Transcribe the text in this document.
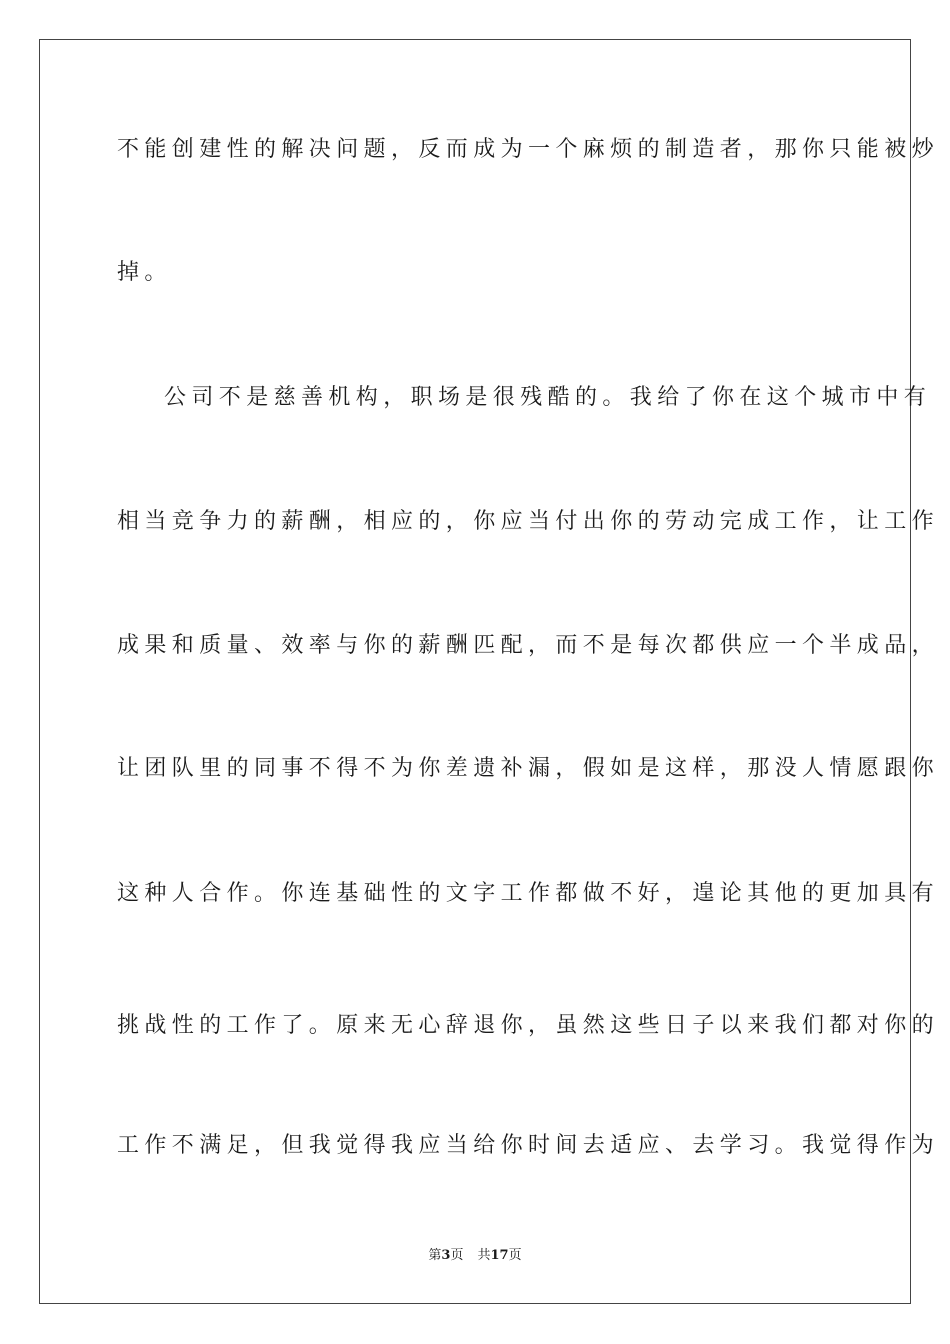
不能创建性的解决问题，反而成为一个麻烦的制造者，那你只能被炒
掉。
公司不是慈善机构，职场是很残酷的。我给了你在这个城市中有
相当竞争力的薪酬，相应的，你应当付出你的劳动完成工作，让工作
成果和质量、效率与你的薪酬匹配，而不是每次都供应一个半成品，
让团队里的同事不得不为你差遗补漏，假如是这样，那没人情愿跟你
这种人合作。你连基础性的文字工作都做不好，遑论其他的更加具有
挑战性的工作了。原来无心辞退你，虽然这些日子以来我们都对你的
工作不满足，但我觉得我应当给你时间去适应、去学习。我觉得作为
第3页 共17页
